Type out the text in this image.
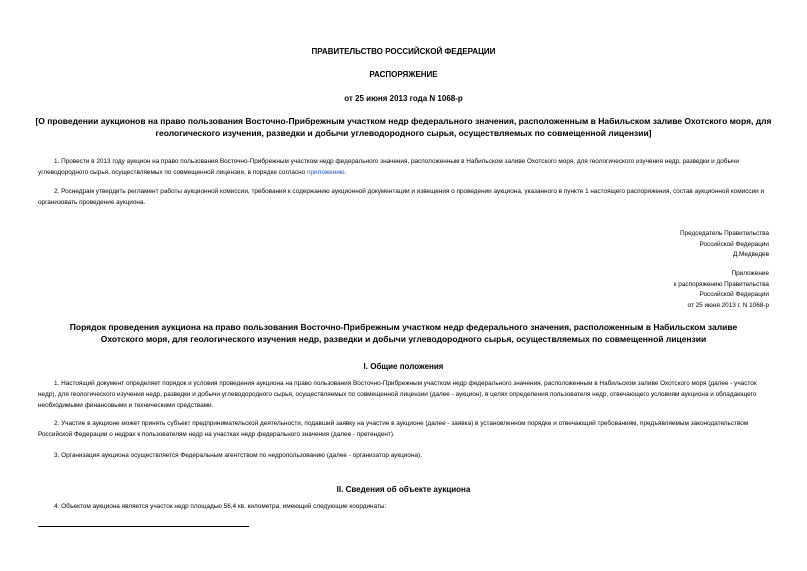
ПРАВИТЕЛЬСТВО РОССИЙСКОЙ ФЕДЕРАЦИИ
РАСПОРЯЖЕНИЕ
от 25 июня 2013 года N 1068-р
[О проведении аукционов на право пользования Восточно-Прибрежным участком недр федерального значения, расположенным в Набильском заливе Охотского моря, для геологического изучения, разведки и добычи углеводородного сырья, осуществляемых по совмещенной лицензии]
1. Провести в 2013 году аукцион на право пользования Восточно-Прибрежным участком недр федерального значения, расположенным в Набильском заливе Охотского моря, для геологического изучения недр, разведки и добычи углеводородного сырья, осуществляемых по совмещенной лицензии, в порядке согласно приложению.
2. Роснедрам утвердить регламент работы аукционной комиссии, требования к содержанию аукционной документации и извещения о проведении аукциона, указанного в пункте 1 настоящего распоряжения, состав аукционной комиссии и организовать проведение аукциона.
Председатель Правительства
Российской Федерации
Д.Медведев
Приложение
к распоряжению Правительства
Российской Федерации
от 25 июня 2013 г. N 1068-р
Порядок проведения аукциона на право пользования Восточно-Прибрежным участком недр федерального значения, расположенным в Набильском заливе Охотского моря, для геологического изучения недр, разведки и добычи углеводородного сырья, осуществляемых по совмещенной лицензии
I. Общие положения
1. Настоящий документ определяет порядок и условия проведения аукциона на право пользования Восточно-Прибрежным участком недр федерального значения, расположенным в Набильском заливе Охотского моря (далее - участок недр), для геологического изучения недр, разведки и добычи углеводородного сырья, осуществляемых по совмещенной лицензии (далее - аукцион), в целях определения пользователя недр, отвечающего условиям аукциона и обладающего необходимыми финансовыми и техническими средствами.
2. Участие в аукционе может принять субъект предпринимательской деятельности, подавший заявку на участие в аукционе (далее - заявка) в установленном порядке и отвечающий требованиям, предъявляемым законодательством Российской Федерации о недрах к пользователям недр на участках недр федерального значения (далее - претендент).
3. Организация аукциона осуществляется Федеральным агентством по недропользованию (далее - организатор аукциона).
II. Сведения об объекте аукциона
4. Объектом аукциона является участок недр площадью 56,4 кв. километра, имеющий следующие координаты:
